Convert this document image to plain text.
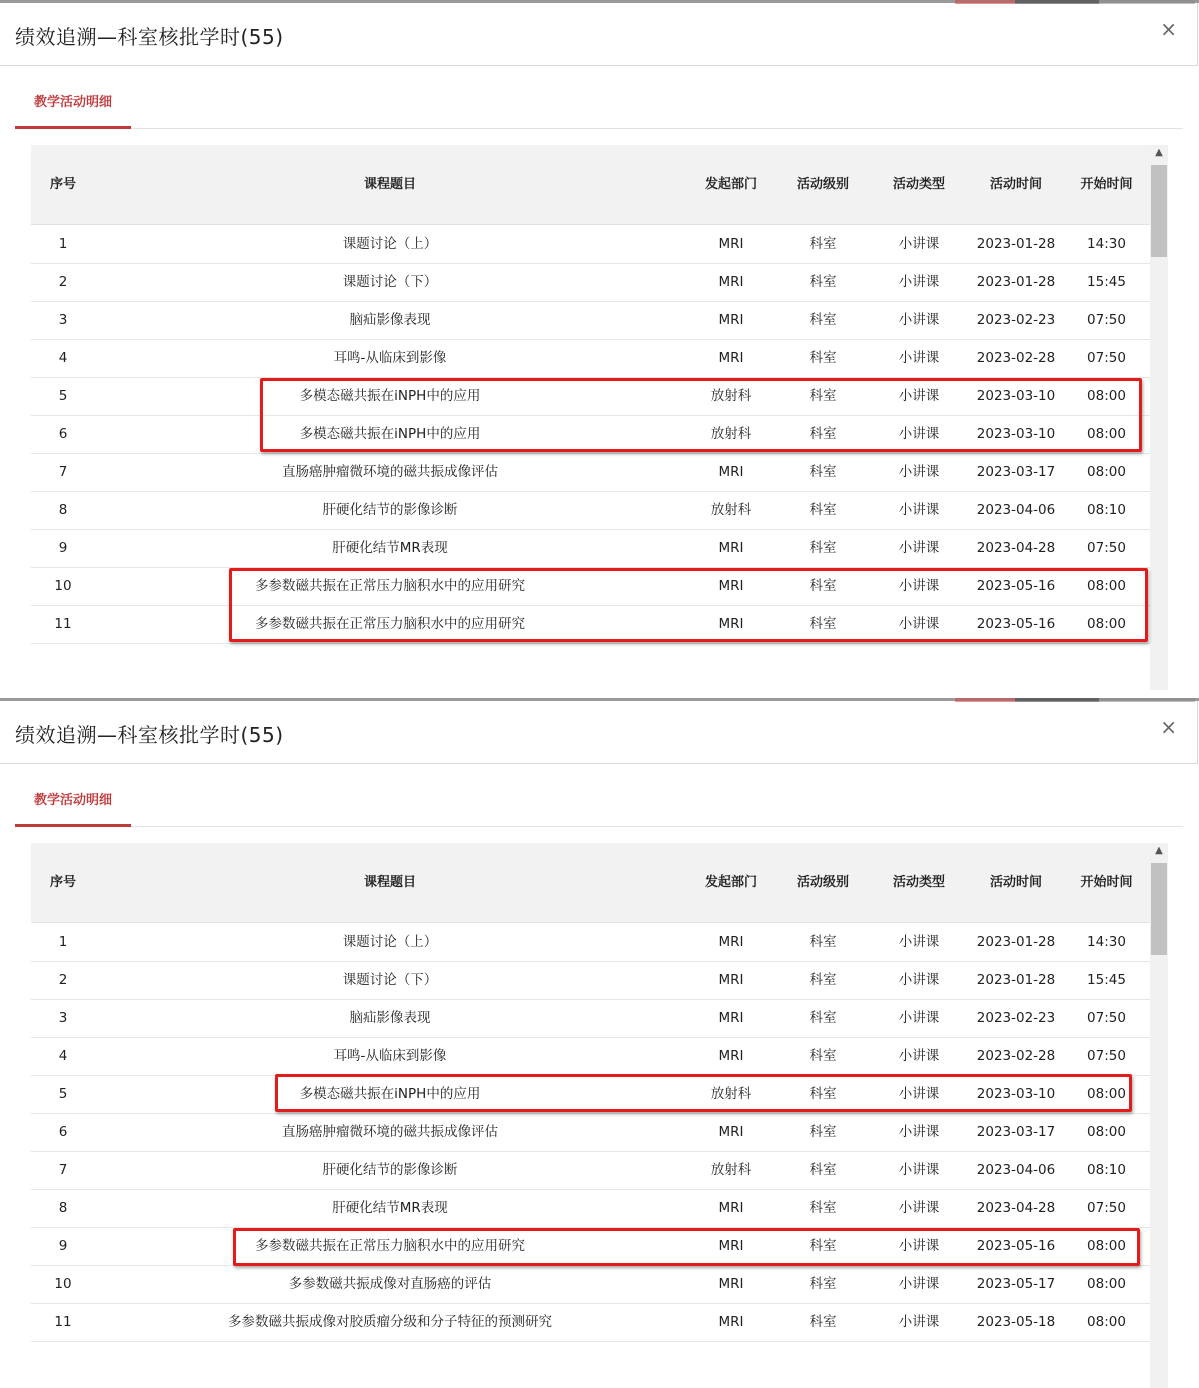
绩效追溯—科室核批学时(55)	×
教学活动明细
序号	课程题目	发起部门	活动级别	活动类型	活动时间	开始时间
1	课题讨论（上）	MRI	科室	小讲课	2023-01-28	14:30
2	课题讨论（下）	MRI	科室	小讲课	2023-01-28	15:45
3	脑疝影像表现	MRI	科室	小讲课	2023-02-23	07:50
4	耳鸣-从临床到影像	MRI	科室	小讲课	2023-02-28	07:50
5	多模态磁共振在iNPH中的应用	放射科	科室	小讲课	2023-03-10	08:00
6	多模态磁共振在iNPH中的应用	放射科	科室	小讲课	2023-03-10	08:00
7	直肠癌肿瘤微环境的磁共振成像评估	MRI	科室	小讲课	2023-03-17	08:00
8	肝硬化结节的影像诊断	放射科	科室	小讲课	2023-04-06	08:10
9	肝硬化结节MR表现	MRI	科室	小讲课	2023-04-28	07:50
10	多参数磁共振在正常压力脑积水中的应用研究	MRI	科室	小讲课	2023-05-16	08:00
11	多参数磁共振在正常压力脑积水中的应用研究	MRI	科室	小讲课	2023-05-16	08:00
▲
绩效追溯—科室核批学时(55)	×
教学活动明细
序号	课程题目	发起部门	活动级别	活动类型	活动时间	开始时间
1	课题讨论（上）	MRI	科室	小讲课	2023-01-28	14:30
2	课题讨论（下）	MRI	科室	小讲课	2023-01-28	15:45
3	脑疝影像表现	MRI	科室	小讲课	2023-02-23	07:50
4	耳鸣-从临床到影像	MRI	科室	小讲课	2023-02-28	07:50
5	多模态磁共振在iNPH中的应用	放射科	科室	小讲课	2023-03-10	08:00
6	直肠癌肿瘤微环境的磁共振成像评估	MRI	科室	小讲课	2023-03-17	08:00
7	肝硬化结节的影像诊断	放射科	科室	小讲课	2023-04-06	08:10
8	肝硬化结节MR表现	MRI	科室	小讲课	2023-04-28	07:50
9	多参数磁共振在正常压力脑积水中的应用研究	MRI	科室	小讲课	2023-05-16	08:00
10	多参数磁共振成像对直肠癌的评估	MRI	科室	小讲课	2023-05-17	08:00
11	多参数磁共振成像对胶质瘤分级和分子特征的预测研究	MRI	科室	小讲课	2023-05-18	08:00
▲
